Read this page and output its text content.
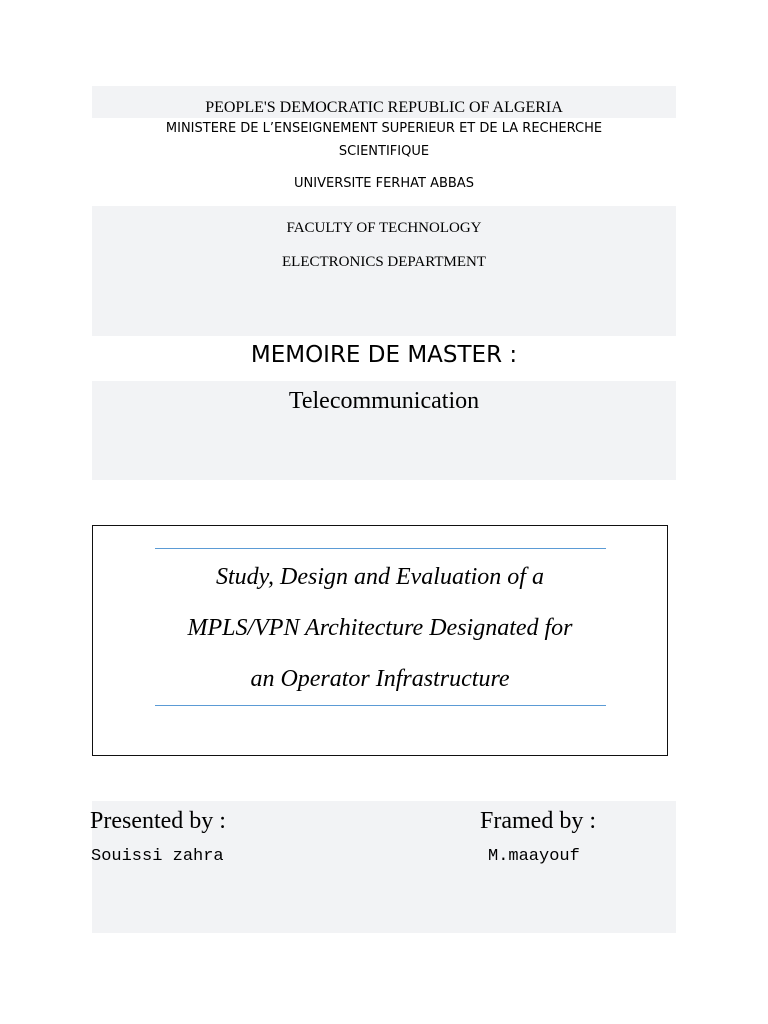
PEOPLE'S DEMOCRATIC REPUBLIC OF ALGERIA
MINISTERE DE L’ENSEIGNEMENT SUPERIEUR ET DE LA RECHERCHE
SCIENTIFIQUE
UNIVERSITE FERHAT ABBAS
FACULTY OF TECHNOLOGY
ELECTRONICS DEPARTMENT
MEMOIRE DE MASTER :
Telecommunication
Study, Design and Evaluation of a
MPLS/VPN Architecture Designated for
an Operator Infrastructure
Presented by :	Framed by :
Souissi zahra	M.maayouf
